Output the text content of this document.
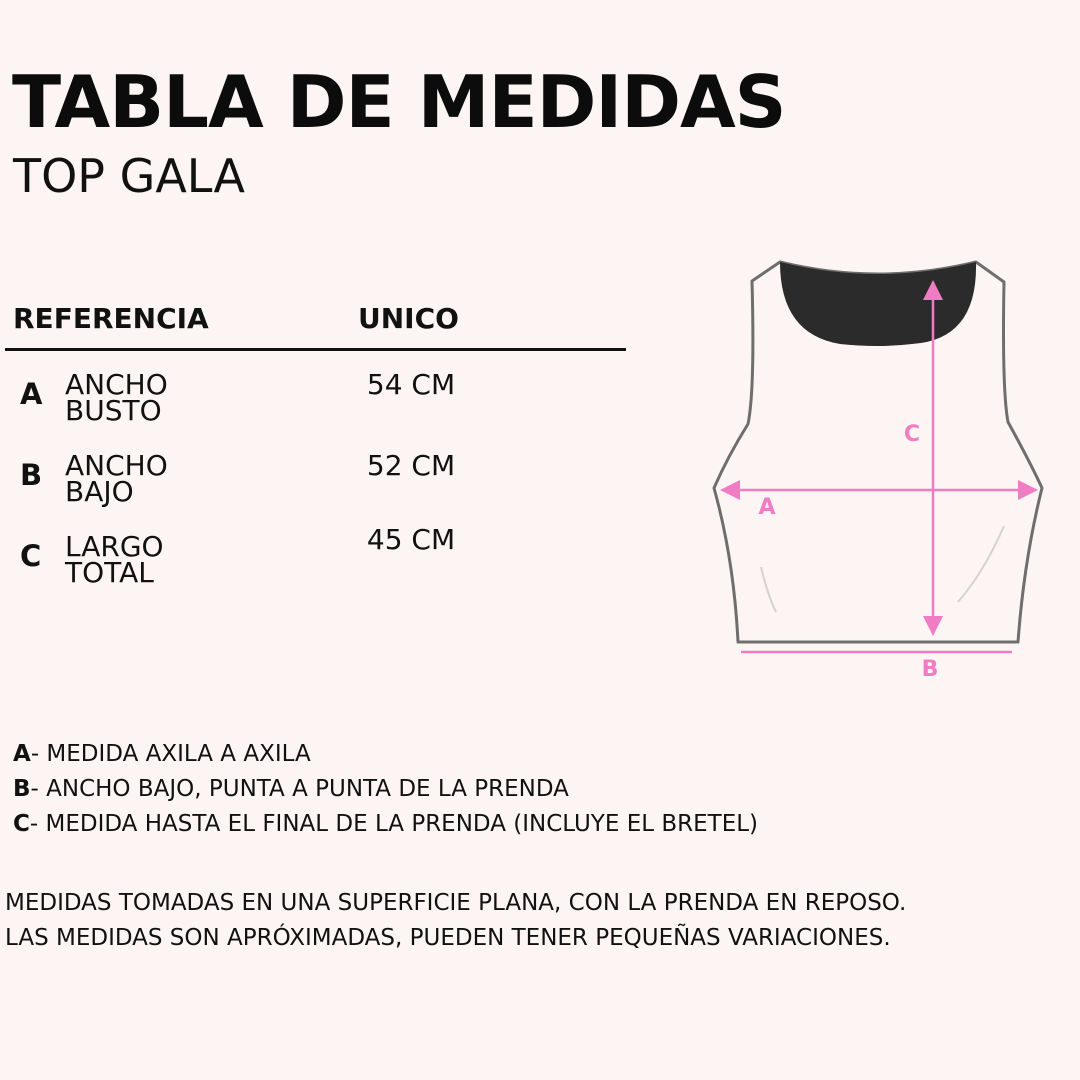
TABLA DE MEDIDAS
TOP GALA
REFERENCIA	UNICO
A ANCHO BUSTO
54 CM
B ANCHO BAJO
52 CM
C LARGO TOTAL
45 CM
C
A
B
A- MEDIDA AXILA A AXILA
B- ANCHO BAJO, PUNTA A PUNTA DE LA PRENDA
C- MEDIDA HASTA EL FINAL DE LA PRENDA (INCLUYE EL BRETEL)
MEDIDAS TOMADAS EN UNA SUPERFICIE PLANA, CON LA PRENDA EN REPOSO.
LAS MEDIDAS SON APRÓXIMADAS, PUEDEN TENER PEQUEÑAS VARIACIONES.
